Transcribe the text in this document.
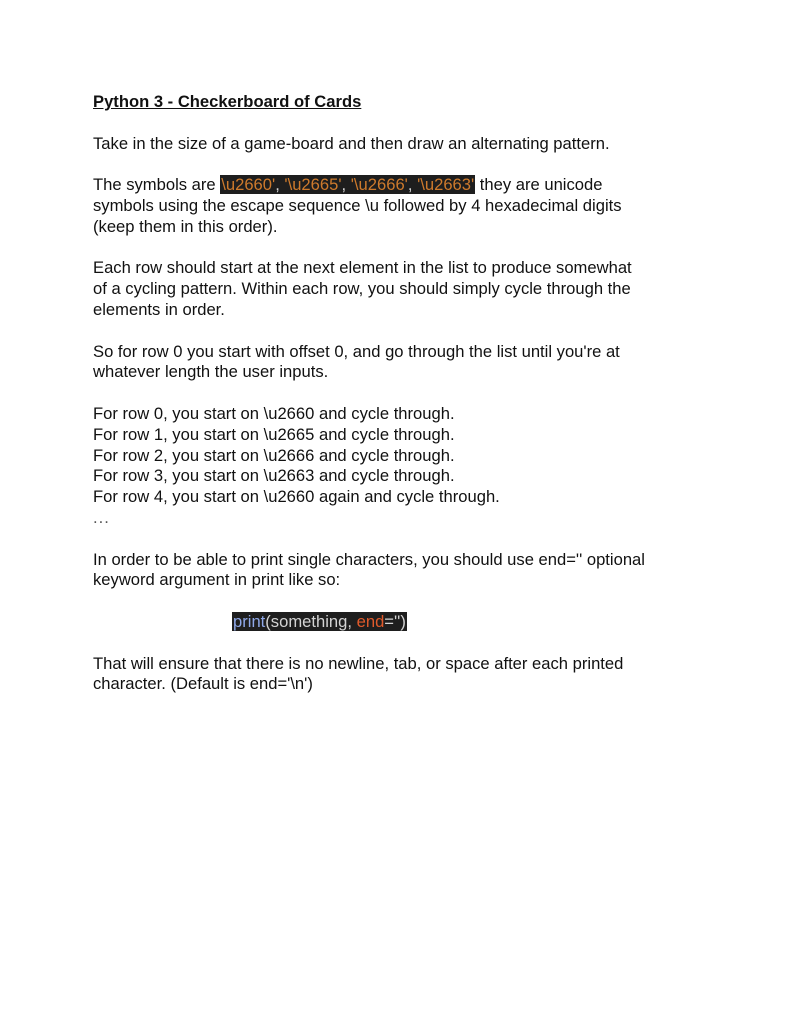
Python 3 - Checkerboard of Cards

Take in the size of a game-board and then draw an alternating pattern.

The symbols are \u2660', '\u2665', '\u2666', '\u2663' they are unicode
symbols using the escape sequence \u followed by 4 hexadecimal digits
(keep them in this order).

Each row should start at the next element in the list to produce somewhat
of a cycling pattern. Within each row, you should simply cycle through the
elements in order.

So for row 0 you start with offset 0, and go through the list until you're at
whatever length the user inputs.

For row 0, you start on \u2660 and cycle through.
For row 1, you start on \u2665 and cycle through.
For row 2, you start on \u2666 and cycle through.
For row 3, you start on \u2663 and cycle through.
For row 4, you start on \u2660 again and cycle through.
...

In order to be able to print single characters, you should use end='' optional
keyword argument in print like so:

print(something, end='')

That will ensure that there is no newline, tab, or space after each printed
character. (Default is end='\n')
